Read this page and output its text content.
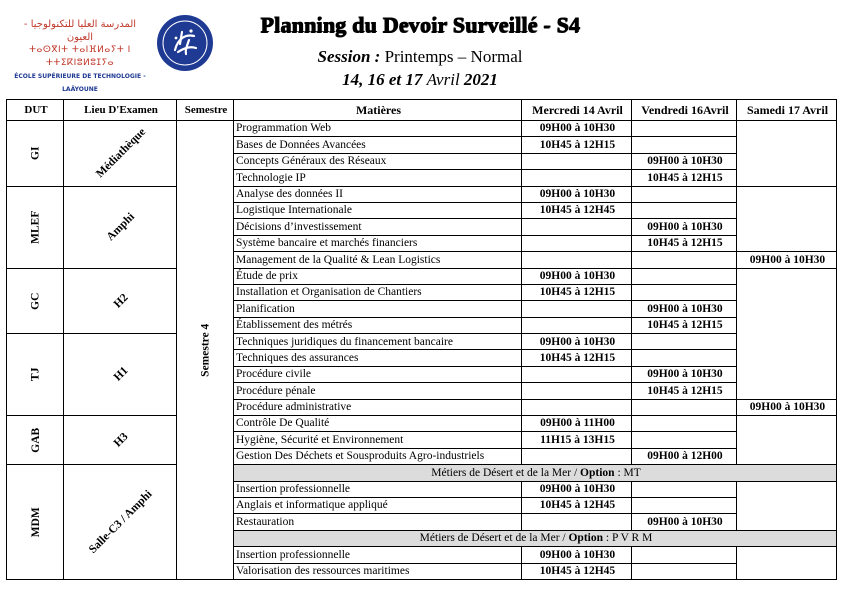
المدرسة العليا للتكنولوجيا - العيون
ⵜⴰⵙⴳⵏⵜ ⵜⴰⵏⴼⵍⴰⵢⵜ ⵏ ⵜⵜⵉⴽⵏⵓⵍⵓⵊⵢⴰ
ÉCOLE SUPÉRIEURE DE TECHNOLOGIE - LAÂYOUNE
Planning du Devoir Surveillé - S4
Session : Printemps – Normal
14, 16 et 17 Avril 2021
DUT	Lieu D'Examen	Semestre	Matières	Mercredi 14 Avril	Vendredi 16Avril	Samedi 17 Avril
GI	Médiathèque	Semestre 4	Programmation Web	09H00 à 10H30		
			Bases de Données Avancées	10H45 à 12H15		
			Concepts Généraux des Réseaux		09H00 à 10H30	
			Technologie IP		10H45 à 12H15	
MLEF	Amphi		Analyse des données II	09H00 à 10H30		
			Logistique Internationale	10H45 à 12H45		
			Décisions d’investissement		09H00 à 10H30	
			Système bancaire et marchés financiers		10H45 à 12H15	
			Management de la Qualité & Lean Logistics			09H00 à 10H30
GC	H2		Étude de prix	09H00 à 10H30		
			Installation et Organisation de Chantiers	10H45 à 12H15		
			Planification		09H00 à 10H30	
			Établissement des métrés		10H45 à 12H15	
TJ	H1		Techniques juridiques du financement bancaire	09H00 à 10H30		
			Techniques des assurances	10H45 à 12H15		
			Procédure civile		09H00 à 10H30	
			Procédure pénale		10H45 à 12H15	
			Procédure administrative			09H00 à 10H30
GAB	H3		Contrôle De Qualité	09H00 à 11H00		
			Hygiène, Sécurité et Environnement	11H15 à 13H15		
			Gestion Des Déchets et Sousproduits Agro-industriels		09H00 à 12H00	
MDM	Salle-C3 / Amphi		Métiers de Désert et de la Mer / Option : MT			
			Insertion professionnelle	09H00 à 10H30		
			Anglais et informatique appliqué	10H45 à 12H45		
			Restauration		09H00 à 10H30	
			Métiers de Désert et de la Mer / Option : P V R M			
			Insertion professionnelle	09H00 à 10H30		
			Valorisation des ressources maritimes	10H45 à 12H45		
